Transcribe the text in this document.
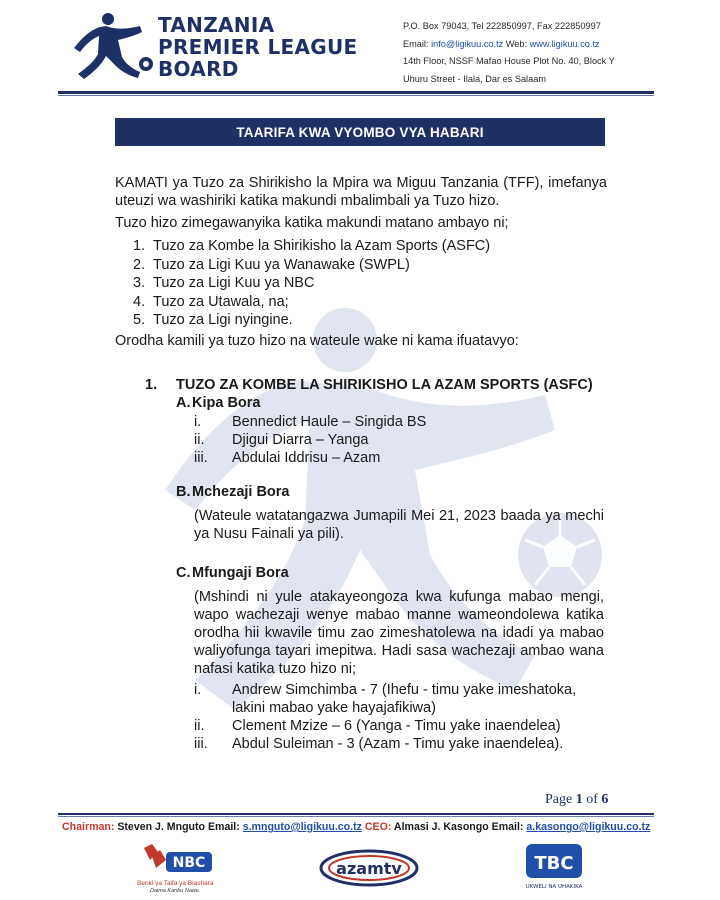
TANZANIA
PREMIER LEAGUE
BOARD
P.O. Box 79043, Tel 222850997, Fax 222850997
Email: info@ligikuu.co.tz Web: www.ligikuu.co.tz
14th Floor, NSSF Mafao House Plot No. 40, Block Y
Uhuru Street - Ilala, Dar es Salaam
TAARIFA KWA VYOMBO VYA HABARI
KAMATI ya Tuzo za Shirikisho la Mpira wa Miguu Tanzania (TFF), imefanya uteuzi wa washiriki katika makundi mbalimbali ya Tuzo hizo.
Tuzo hizo zimegawanyika katika makundi matano ambayo ni;
1. Tuzo za Kombe la Shirikisho la Azam Sports (ASFC)
2. Tuzo za Ligi Kuu ya Wanawake (SWPL)
3. Tuzo za Ligi Kuu ya NBC
4. Tuzo za Utawala, na;
5. Tuzo za Ligi nyingine.
Orodha kamili ya tuzo hizo na wateule wake ni kama ifuatavyo:
1. TUZO ZA KOMBE LA SHIRIKISHO LA AZAM SPORTS (ASFC)
A. Kipa Bora
i.	Bennedict Haule – Singida BS
ii.	Djigui Diarra – Yanga
iii.	Abdulai Iddrisu – Azam
B. Mchezaji Bora
(Wateule watatangazwa Jumapili Mei 21, 2023 baada ya mechi ya Nusu Fainali ya pili).
C. Mfungaji Bora
(Mshindi ni yule atakayeongoza kwa kufunga mabao mengi, wapo wachezaji wenye mabao manne wameondolewa katika orodha hii kwavile timu zao zimeshatolewa na idadi ya mabao waliyofunga tayari imepitwa. Hadi sasa wachezaji ambao wana nafasi katika tuzo hizo ni;
i.	Andrew Simchimba - 7 (Ihefu - timu yake imeshatoka, lakini mabao yake hayajafikiwa)
ii.	Clement Mzize – 6 (Yanga - Timu yake inaendelea)
iii.	Abdul Suleiman - 3 (Azam - Timu yake inaendelea).
Page 1 of 6
Chairman: Steven J. Mnguto Email: s.mnguto@ligikuu.co.tz CEO: Almasi J. Kasongo Email: a.kasongo@ligikuu.co.tz
NBC
Benki ya Taifa ya Biashara
Daima Karibu Nawe.
azamtv	TBC
UKWELI NA UHAKIKA
